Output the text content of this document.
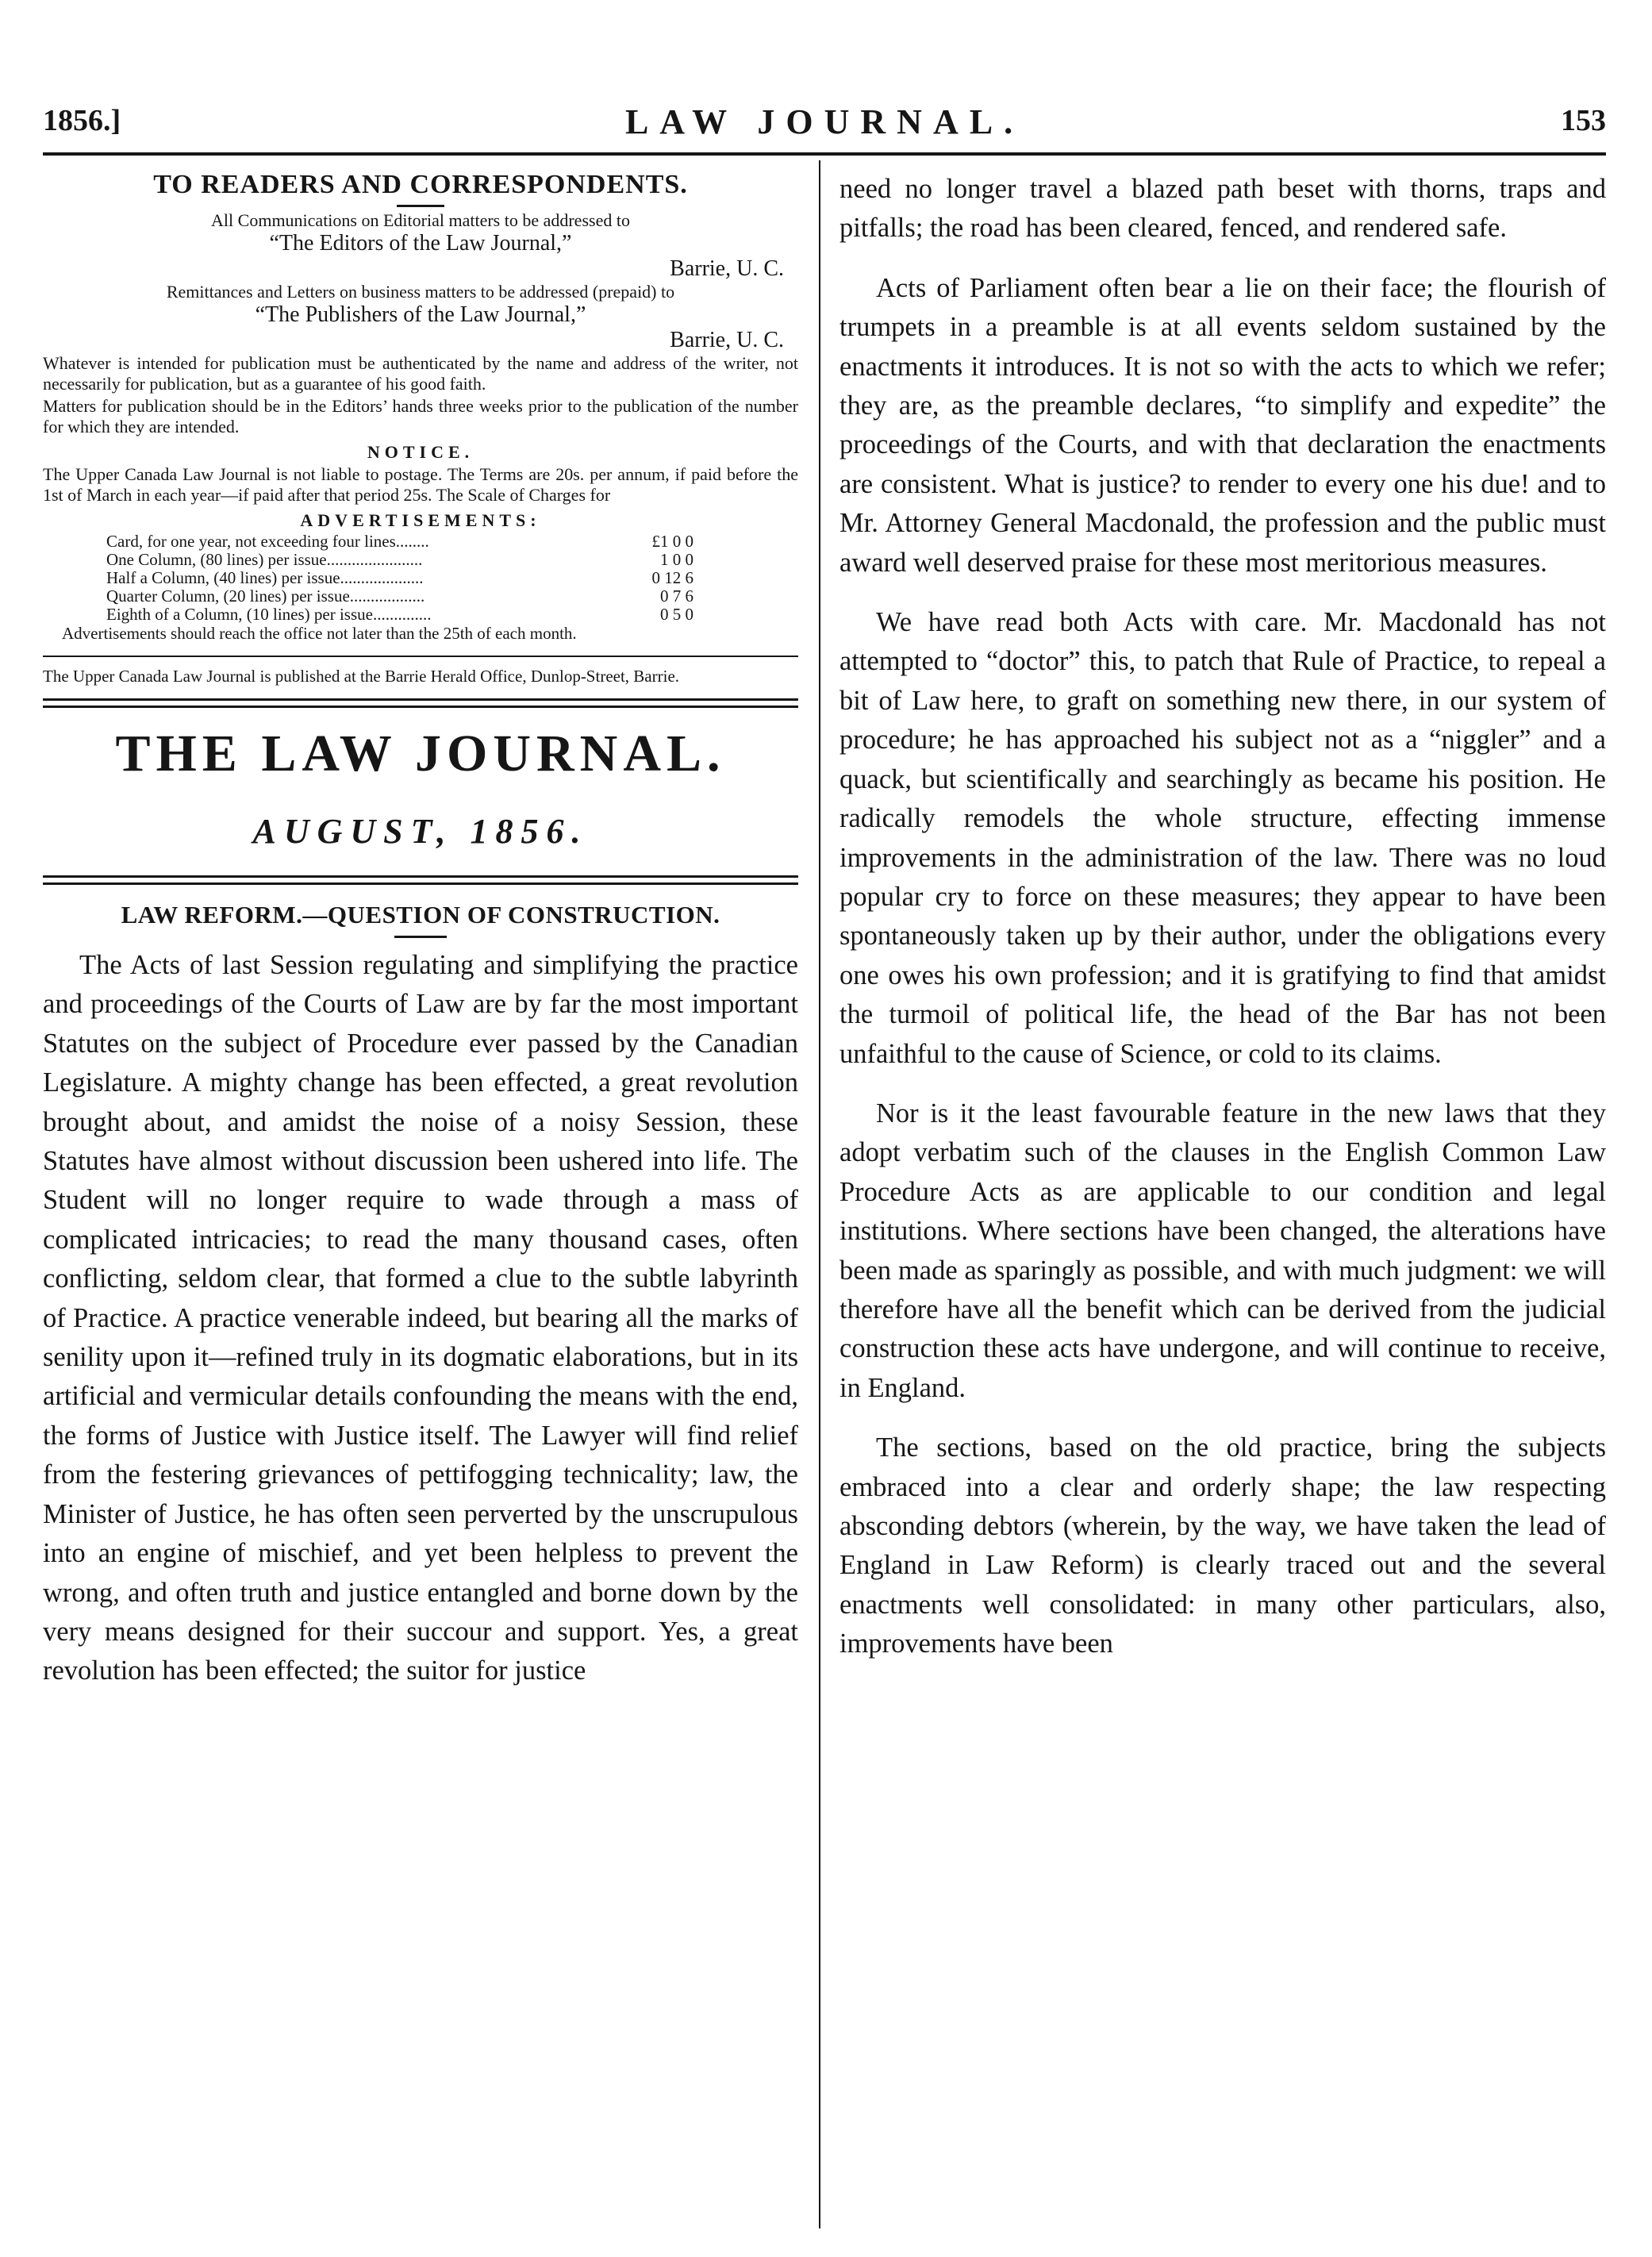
1856.]	LAW JOURNAL.	153
TO READERS AND CORRESPONDENTS.
All Communications on Editorial matters to be addressed to
“The Editors of the Law Journal,”
Barrie, U. C.
Remittances and Letters on business matters to be addressed (prepaid) to
“The Publishers of the Law Journal,”
Barrie, U. C.

Whatever is intended for publication must be authenticated by the name and address of the writer, not necessarily for publication, but as a guarantee of his good faith.

Matters for publication should be in the Editors’ hands three weeks prior to the publication of the number for which they are intended.

NOTICE.
The Upper Canada Law Journal is not liable to postage. The Terms are 20s. per annum, if paid before the 1st of March in each year—if paid after that period 25s. The Scale of Charges for
ADVERTISEMENTS:
Card, for one year, not exceeding four lines........	£1 0 0
One Column, (80 lines) per issue.......................	1 0 0
Half a Column, (40 lines) per issue....................	0 12 6
Quarter Column, (20 lines) per issue..................	0 7 6
Eighth of a Column, (10 lines) per issue..............	0 5 0
Advertisements should reach the office not later than the 25th of each month.
The Upper Canada Law Journal is published at the Barrie Herald Office, Dunlop-Street, Barrie.
THE LAW JOURNAL.
AUGUST, 1856.
LAW REFORM.—QUESTION OF CONSTRUCTION.

The Acts of last Session regulating and simplifying the practice and proceedings of the Courts of Law are by far the most important Statutes on the subject of Procedure ever passed by the Canadian Legislature. A mighty change has been effected, a great revolution brought about, and amidst the noise of a noisy Session, these Statutes have almost without discussion been ushered into life. The Student will no longer require to wade through a mass of complicated intricacies; to read the many thousand cases, often conflicting, seldom clear, that formed a clue to the subtle labyrinth of Practice. A practice venerable indeed, but bearing all the marks of senility upon it—refined truly in its dogmatic elaborations, but in its artificial and vermicular details confounding the means with the end, the forms of Justice with Justice itself. The Lawyer will find relief from the festering grievances of pettifogging technicality; law, the Minister of Justice, he has often seen perverted by the unscrupulous into an engine of mischief, and yet been helpless to prevent the wrong, and often truth and justice entangled and borne down by the very means designed for their succour and support. Yes, a great revolution has been effected; the suitor for justice

need no longer travel a blazed path beset with thorns, traps and pitfalls; the road has been cleared, fenced, and rendered safe.

Acts of Parliament often bear a lie on their face; the flourish of trumpets in a preamble is at all events seldom sustained by the enactments it introduces. It is not so with the acts to which we refer; they are, as the preamble declares, “to simplify and expedite” the proceedings of the Courts, and with that declaration the enactments are consistent. What is justice? to render to every one his due! and to Mr. Attorney General Macdonald, the profession and the public must award well deserved praise for these most meritorious measures.

We have read both Acts with care. Mr. Macdonald has not attempted to “doctor” this, to patch that Rule of Practice, to repeal a bit of Law here, to graft on something new there, in our system of procedure; he has approached his subject not as a “niggler” and a quack, but scientifically and searchingly as became his position. He radically remodels the whole structure, effecting immense improvements in the administration of the law. There was no loud popular cry to force on these measures; they appear to have been spontaneously taken up by their author, under the obligations every one owes his own profession; and it is gratifying to find that amidst the turmoil of political life, the head of the Bar has not been unfaithful to the cause of Science, or cold to its claims.

Nor is it the least favourable feature in the new laws that they adopt verbatim such of the clauses in the English Common Law Procedure Acts as are applicable to our condition and legal institutions. Where sections have been changed, the alterations have been made as sparingly as possible, and with much judgment: we will therefore have all the benefit which can be derived from the judicial construction these acts have undergone, and will continue to receive, in England.

The sections, based on the old practice, bring the subjects embraced into a clear and orderly shape; the law respecting absconding debtors (wherein, by the way, we have taken the lead of England in Law Reform) is clearly traced out and the several enactments well consolidated: in many other particulars, also, improvements have been
